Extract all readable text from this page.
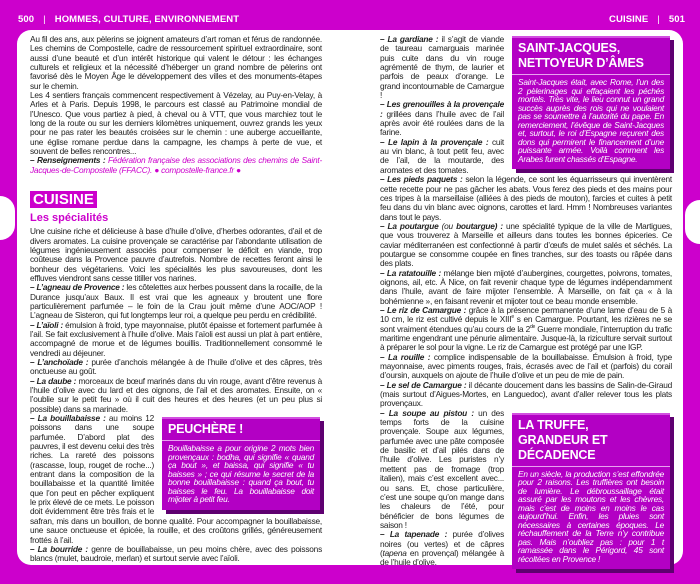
500 | HOMMES, CULTURE, ENVIRONNEMENT	CUISINE | 501

Au fil des ans, aux pèlerins se joignent amateurs d’art roman et férus de randonnée. Les chemins de Compostelle, cadre de ressourcement spirituel extraordinaire, sont aussi d’une beauté et d’un intérêt historique qui valent le détour : les échanges culturels et religieux et la nécessité d’héberger un grand nombre de pèlerins ont favorisé dès le Moyen Âge le développement des villes et des monuments-étapes sur le chemin.

Les 4 sentiers français commencent respectivement à Vézelay, au Puy-en-Velay, à Arles et à Paris. Depuis 1998, le parcours est classé au Patrimoine mondial de l’Unesco. Que vous partiez à pied, à cheval ou à VTT, que vous marchiez tout le long de la route ou sur les derniers kilomètres uniquement, ouvrez grands les yeux pour ne pas rater les beautés croisées sur le chemin : une auberge accueillante, une église romane perdue dans la campagne, les champs à perte de vue, et souvent de belles rencontres...

– Renseignements : Fédération française des associations des chemins de Saint-Jacques-de-Compostelle (FFACC). ● compostelle-france.fr ●

CUISINE
Les spécialités

Une cuisine riche et délicieuse à base d’huile d’olive, d’herbes odorantes, d’ail et de divers aromates. La cuisine provençale se caractérise par l’abondante utilisation de légumes ingénieusement associés pour compenser le déficit en viande, trop coûteuse dans la Provence pauvre d’autrefois. Nombre de recettes feront ainsi le bonheur des végétariens. Voici les spécialités les plus savoureuses, dont les effluves viendront sans cesse titiller vos narines.

– L’agneau de Provence : les côtelettes aux herbes poussent dans la rocaille, de la Durance jusqu’aux Baux. Il est vrai que les agneaux y broutent une flore particulièrement parfumée – le foin de la Crau jouit même d’une AOC/AOP ! L’agneau de Sisteron, qui fut longtemps leur roi, a quelque peu perdu en crédibilité.

– L’aïoli : émulsion à froid, type mayonnaise, plutôt épaisse et fortement parfumée à l’ail. Se fait exclusivement à l’huile d’olive. Mais l’aïoli est aussi un plat à part entière, accompagné de morue et de légumes bouillis. Traditionnellement consommé le vendredi au déjeuner.

– L’anchoïade : purée d’anchois mélangée à de l’huile d’olive et des câpres, très onctueuse au goût.

– La daube : morceaux de bœuf marinés dans du vin rouge, avant d’être revenus à l’huile d’olive avec du lard et des oignons, de l’ail et des aromates. Ensuite, on « l’oublie sur le petit feu » où il cuit des heures et des heures (et un peu plus si possible) dans sa marinade.

PEUCHÈRE !
Bouillabaisse a pour origine 2 mots bien provençaux : bodha, qui signifie « quand ça bout », et baissa, qui signifie « tu baisses » ; ce qui résume le secret de la bonne bouillabaisse : quand ça bout, tu baisses le feu. La bouillabaisse doit mijoter à petit feu.

– La bouillabaisse : au moins 12 poissons dans une soupe parfumée. D’abord plat des pauvres, il est devenu celui des très riches. La rareté des poissons (rascasse, loup, rouget de roche...) entrant dans la composition de la bouillabaisse et la quantité limitée que l’on peut en pêcher expliquent le prix élevé de ce mets. Le poisson doit évidemment être très frais et le safran, mis dans un bouillon, de bonne qualité. Pour accompagner la bouillabaisse, une sauce onctueuse et épicée, la rouille, et des croûtons grillés, généreusement frottés à l’ail.

– La bourride : genre de bouillabaisse, un peu moins chère, avec des poissons blancs (mulet, baudroie, merlan) et surtout servie avec l’aïoli.

SAINT-JACQUES,
NETTOYEUR D’ÂMES
Saint-Jacques était, avec Rome, l’un des 2 pèlerinages qui effaçaient les péchés mortels. Très vite, le lieu connut un grand succès auprès des rois qui ne voulaient pas se soumettre à l’autorité du pape. En remerciement, l’évêque de Saint-Jacques et, surtout, le roi d’Espagne reçurent des dons qui permirent le financement d’une puissante armée. Voilà comment les Arabes furent chassés d’Espagne.

– La gardiane : il s’agit de viande de taureau camarguais marinée puis cuite dans du vin rouge agrémenté de thym, de laurier et parfois de peaux d’orange. Le grand incontournable de Camargue !

– Les grenouilles à la provençale : grillées dans l’huile avec de l’ail après avoir été roulées dans de la farine.

– Le lapin à la provençale : cuit au vin blanc, à tout petit feu, avec de l’ail, de la moutarde, des aromates et des tomates.

– Les pieds paquets : selon la légende, ce sont les équarrisseurs qui inventèrent cette recette pour ne pas gâcher les abats. Vous ferez des pieds et des mains pour ces tripes à la marseillaise (alliées à des pieds de mouton), farcies et cuites à petit feu dans du vin blanc avec oignons, carottes et lard. Hmm ! Nombreuses variantes dans tout le pays.

– La poutargue (ou boutargue) : une spécialité typique de la ville de Martigues, que vous trouverez à Marseille et ailleurs dans toutes les bonnes épiceries. Ce caviar méditerranéen est confectionné à partir d’œufs de mulet salés et séchés. La poutargue se consomme coupée en fines tranches, sur des toasts ou râpée dans des plats.

– La ratatouille : mélange bien mijoté d’aubergines, courgettes, poivrons, tomates, oignons, ail, etc. À Nice, on fait revenir chaque type de légumes indépendamment dans l’huile, avant de faire mijoter l’ensemble. À Marseille, on fait ça « à la bohémienne », en faisant revenir et mijoter tout ce beau monde ensemble.

– Le riz de Camargue : grâce à la présence permanente d’une lame d’eau de 5 à 10 cm, le riz est cultivé depuis le XIIIe s en Camargue. Pourtant, les rizières ne se sont vraiment étendues qu’au cours de la 2de Guerre mondiale, l’interruption du trafic maritime engendrant une pénurie alimentaire. Jusque-là, la riziculture servait surtout à préparer le sol pour la vigne. Le riz de Camargue est protégé par une IGP.

– La rouille : complice indispensable de la bouillabaisse. Émulsion à froid, type mayonnaise, avec piments rouges, frais, écrasés avec de l’ail et (parfois) du corail d’oursin, auxquels on ajoute de l’huile d’olive et un peu de mie de pain.

– Le sel de Camargue : il décante doucement dans les bassins de Salin-de-Giraud (mais surtout d’Aigues-Mortes, en Languedoc), avant d’aller relever tous les plats provençaux.

LA TRUFFE,
GRANDEUR ET DÉCADENCE
En un siècle, la production s’est effondrée pour 2 raisons. Les truffières ont besoin de lumière. Le débroussaillage était assuré par les moutons et les chèvres, mais c’est de moins en moins le cas aujourd’hui. Enfin, les pluies sont nécessaires à certaines époques. Le réchauffement de la Terre n’y contribue pas. Mais n’oubliez pas : pour 1 t ramassée dans le Périgord, 45 sont récoltées en Provence !

– La soupe au pistou : un des temps forts de la cuisine provençale. Soupe aux légumes, parfumée avec une pâte composée de basilic et d’ail pilés dans de l’huile d’olive. Les puristes n’y mettent pas de fromage (trop italien), mais c’est excellent avec... ou sans. Et, chose particulière, c’est une soupe qu’on mange dans les chaleurs de l’été, pour bénéficier de bons légumes de saison !

– La tapenade : purée d’olives noires (ou vertes) et de câpres (tapena en provençal) mélangée à de l’huile d’olive.
